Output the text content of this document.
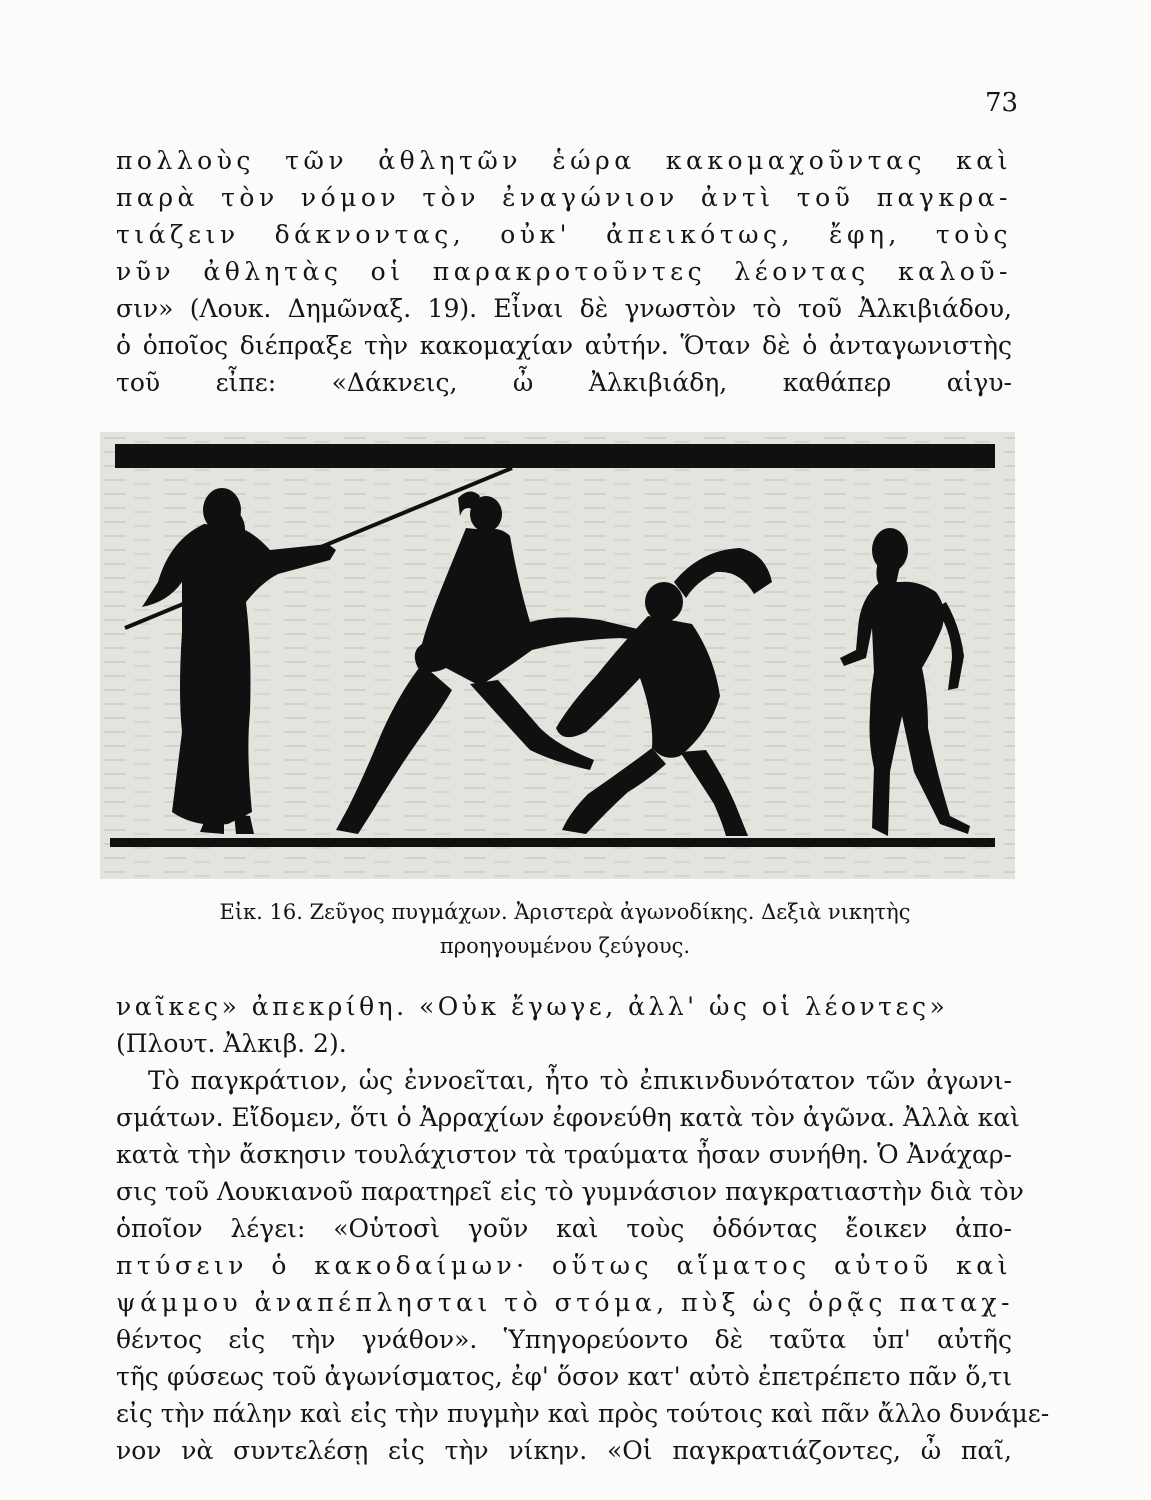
73
πολλοὺς τῶν ἀθλητῶν ἑώρα κακομαχοῦντας καὶ
παρὰ τὸν νόμον τὸν ἐναγώνιον ἀντὶ τοῦ παγκρα-
τιάζειν δάκνοντας, οὐκ' ἀπεικότως, ἔφη, τοὺς
νῦν ἀθλητὰς οἱ παρακροτοῦντες λέοντας καλοῦ-
σιν» (Λουκ. Δημῶναξ. 19). Εἶναι δὲ γνωστὸν τὸ τοῦ Ἀλκιβιάδου,
ὁ ὁποῖος διέπραξε τὴν κακομαχίαν αὐτήν. Ὅταν δὲ ὁ ἀνταγωνιστὴς
τοῦ εἶπε: «Δάκνεις, ὦ Ἀλκιβιάδη, καθάπερ αἱγυ-
Εἰκ. 16. Ζεῦγος πυγμάχων. Ἀριστερὰ ἀγωνοδίκης. Δεξιὰ νικητὴς
προηγουμένου ζεύγους.
ναῖκες» ἀπεκρίθη. «Οὐκ ἔγωγε, ἀλλ' ὡς οἱ λέοντες»
(Πλουτ. Ἀλκιβ. 2).
Τὸ παγκράτιον, ὡς ἐννοεῖται, ἦτο τὸ ἐπικινδυνότατον τῶν ἀγωνι-
σμάτων. Εἴδομεν, ὅτι ὁ Ἀρραχίων ἐφονεύθη κατὰ τὸν ἀγῶνα. Ἀλλὰ καὶ
κατὰ τὴν ἄσκησιν τουλάχιστον τὰ τραύματα ἦσαν συνήθη. Ὁ Ἀνάχαρ-
σις τοῦ Λουκιανοῦ παρατηρεῖ εἰς τὸ γυμνάσιον παγκρατιαστὴν διὰ τὸν
ὁποῖον λέγει: «Οὑτοσὶ γοῦν καὶ τοὺς ὀδόντας ἔοικεν ἀπο-
πτύσειν ὁ κακοδαίμων· οὕτως αἵματος αὐτοῦ καὶ
ψάμμου ἀναπέπλησται τὸ στόμα, πὺξ ὡς ὁρᾷς παταχ-
θέντος εἰς τὴν γνάθον». Ὑπηγορεύοντο δὲ ταῦτα ὑπ' αὐτῆς
τῆς φύσεως τοῦ ἀγωνίσματος, ἐφ' ὅσον κατ' αὐτὸ ἐπετρέπετο πᾶν ὅ,τι
εἰς τὴν πάλην καὶ εἰς τὴν πυγμὴν καὶ πρὸς τούτοις καὶ πᾶν ἄλλο δυνάμε-
νον νὰ συντελέσῃ εἰς τὴν νίκην. «Οἱ παγκρατιάζοντες, ὦ παῖ,
